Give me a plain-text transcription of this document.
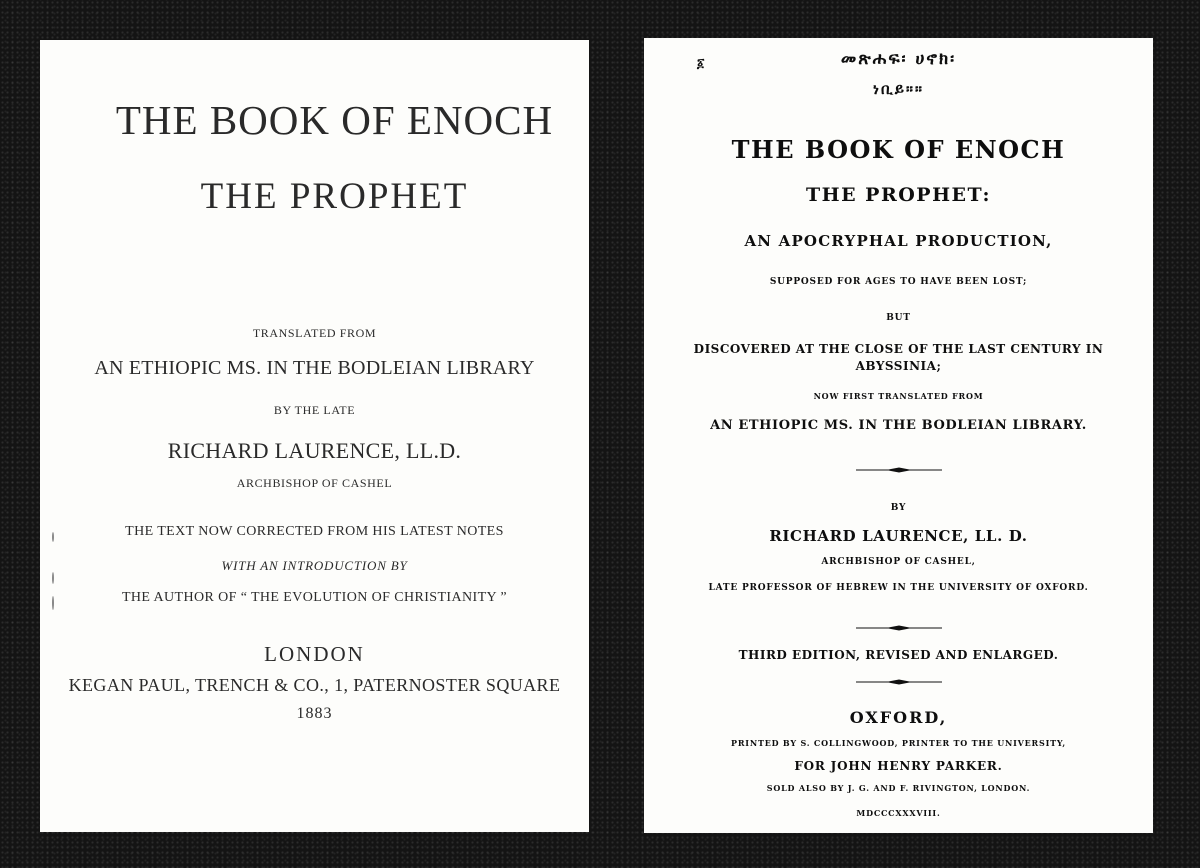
THE BOOK OF ENOCH
THE PROPHET
TRANSLATED FROM
AN ETHIOPIC MS. IN THE BODLEIAN LIBRARY
BY THE LATE
RICHARD LAURENCE, LL.D.
ARCHBISHOP OF CASHEL
THE TEXT NOW CORRECTED FROM HIS LATEST NOTES
WITH AN INTRODUCTION BY
THE AUTHOR OF “ THE EVOLUTION OF CHRISTIANITY ”
LONDON
KEGAN PAUL, TRENCH & CO., 1, PATERNOSTER SQUARE
1883
፩	መጽሐፍ፡ ሀኖክ፡
ነቢይ።።
THE BOOK OF ENOCH
THE PROPHET:
AN APOCRYPHAL PRODUCTION,
SUPPOSED FOR AGES TO HAVE BEEN LOST;
BUT
DISCOVERED AT THE CLOSE OF THE LAST CENTURY IN
ABYSSINIA;
NOW FIRST TRANSLATED FROM
AN ETHIOPIC MS. IN THE BODLEIAN LIBRARY.
BY
RICHARD LAURENCE, LL. D.
ARCHBISHOP OF CASHEL,
LATE PROFESSOR OF HEBREW IN THE UNIVERSITY OF OXFORD.
THIRD EDITION, REVISED AND ENLARGED.
OXFORD,
PRINTED BY S. COLLINGWOOD, PRINTER TO THE UNIVERSITY,
FOR JOHN HENRY PARKER.
SOLD ALSO BY J. G. AND F. RIVINGTON, LONDON.
MDCCCXXXVIII.
